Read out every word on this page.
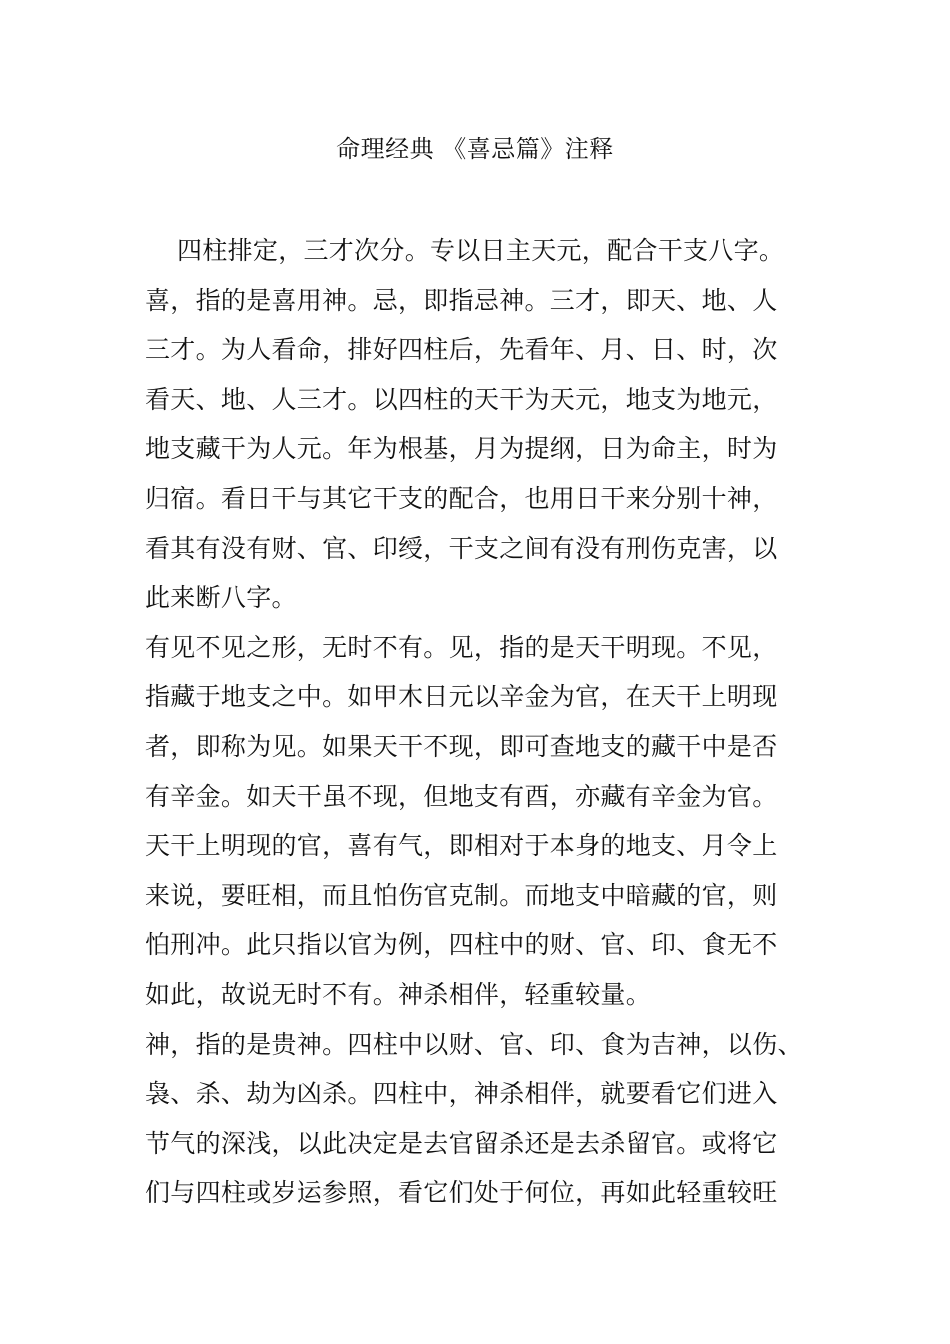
命理经典 《喜忌篇》注释

四柱排定，三才次分。专以日主天元，配合干支八字。

喜，指的是喜用神。忌，即指忌神。三才，即天、地、人

三才。为人看命，排好四柱后，先看年、月、日、时，次

看天、地、人三才。以四柱的天干为天元，地支为地元，

地支藏干为人元。年为根基，月为提纲，日为命主，时为

归宿。看日干与其它干支的配合，也用日干来分别十神，

看其有没有财、官、印绶，干支之间有没有刑伤克害，以

此来断八字。

有见不见之形，无时不有。见，指的是天干明现。不见，

指藏于地支之中。如甲木日元以辛金为官，在天干上明现

者，即称为见。如果天干不现，即可查地支的藏干中是否

有辛金。如天干虽不现，但地支有酉，亦藏有辛金为官。

天干上明现的官，喜有气，即相对于本身的地支、月令上

来说，要旺相，而且怕伤官克制。而地支中暗藏的官，则

怕刑冲。此只指以官为例，四柱中的财、官、印、食无不

如此，故说无时不有。神杀相伴，轻重较量。

神，指的是贵神。四柱中以财、官、印、食为吉神，以伤、

袅、杀、劫为凶杀。四柱中，神杀相伴，就要看它们进入

节气的深浅，以此决定是去官留杀还是去杀留官。或将它

们与四柱或岁运参照，看它们处于何位，再如此轻重较旺
